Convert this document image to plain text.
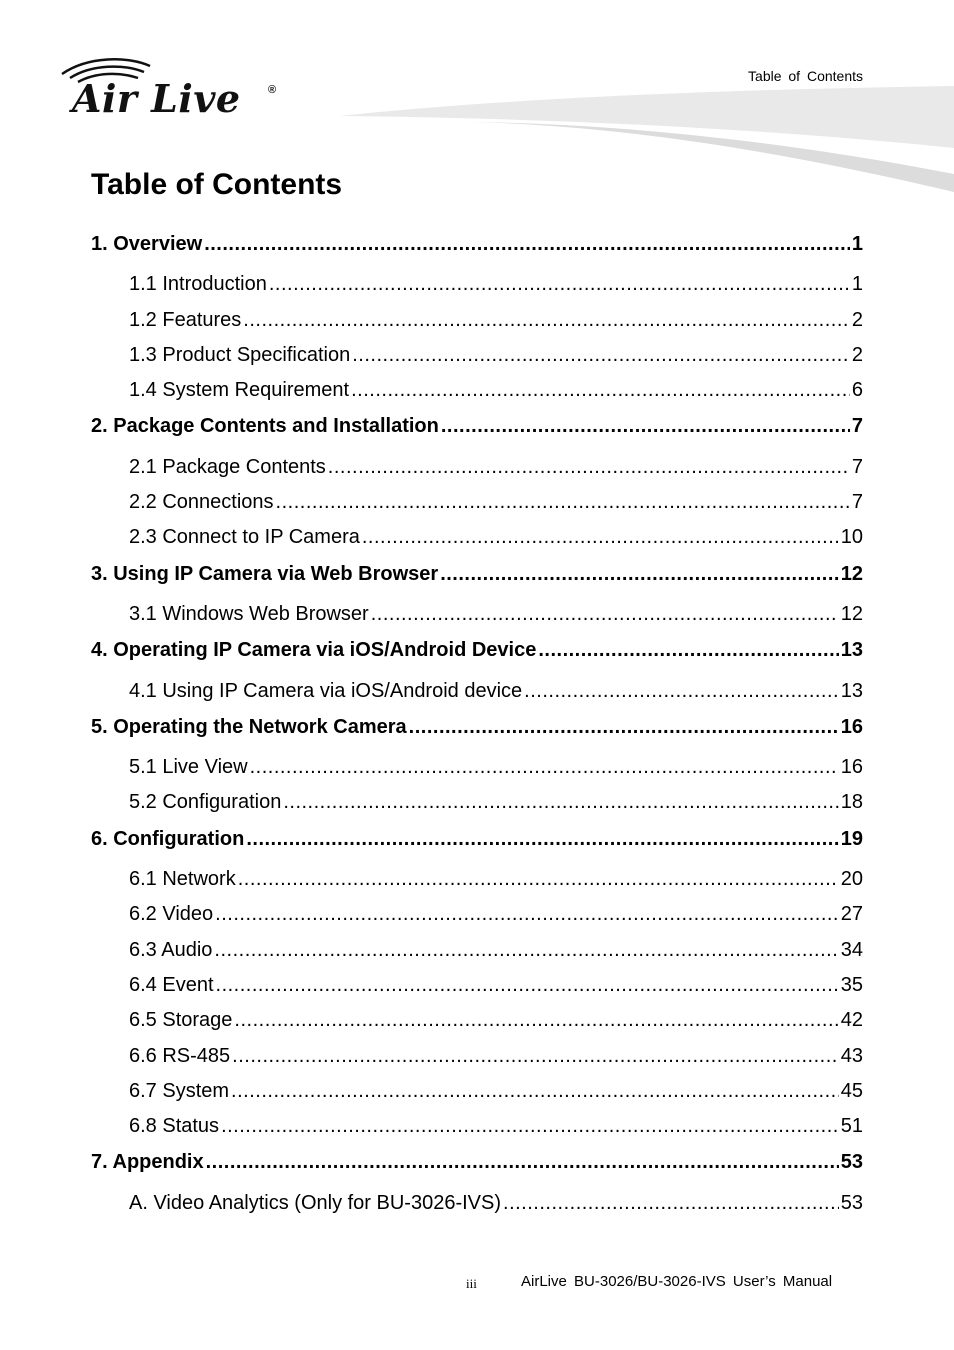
Air Live ®
Table of Contents
Table of Contents
1. Overview .....	1
1.1 Introduction .....	1
1.2 Features .....	2
1.3 Product Specification .....	2
1.4 System Requirement .....	6
2. Package Contents and Installation .....	7
2.1 Package Contents .....	7
2.2 Connections .....	7
2.3 Connect to IP Camera .....	10
3. Using IP Camera via Web Browser .....	12
3.1 Windows Web Browser .....	12
4. Operating IP Camera via iOS/Android Device .....	13
4.1 Using IP Camera via iOS/Android device .....	13
5. Operating the Network Camera .....	16
5.1 Live View .....	16
5.2 Configuration .....	18
6. Configuration .....	19
6.1 Network .....	20
6.2 Video .....	27
6.3 Audio .....	34
6.4 Event .....	35
6.5 Storage .....	42
6.6 RS-485 .....	43
6.7 System .....	45
6.8 Status .....	51
7. Appendix .....	53
A. Video Analytics (Only for BU-3026-IVS) .....	53
iii	AirLive BU-3026/BU-3026-IVS User’s Manual
